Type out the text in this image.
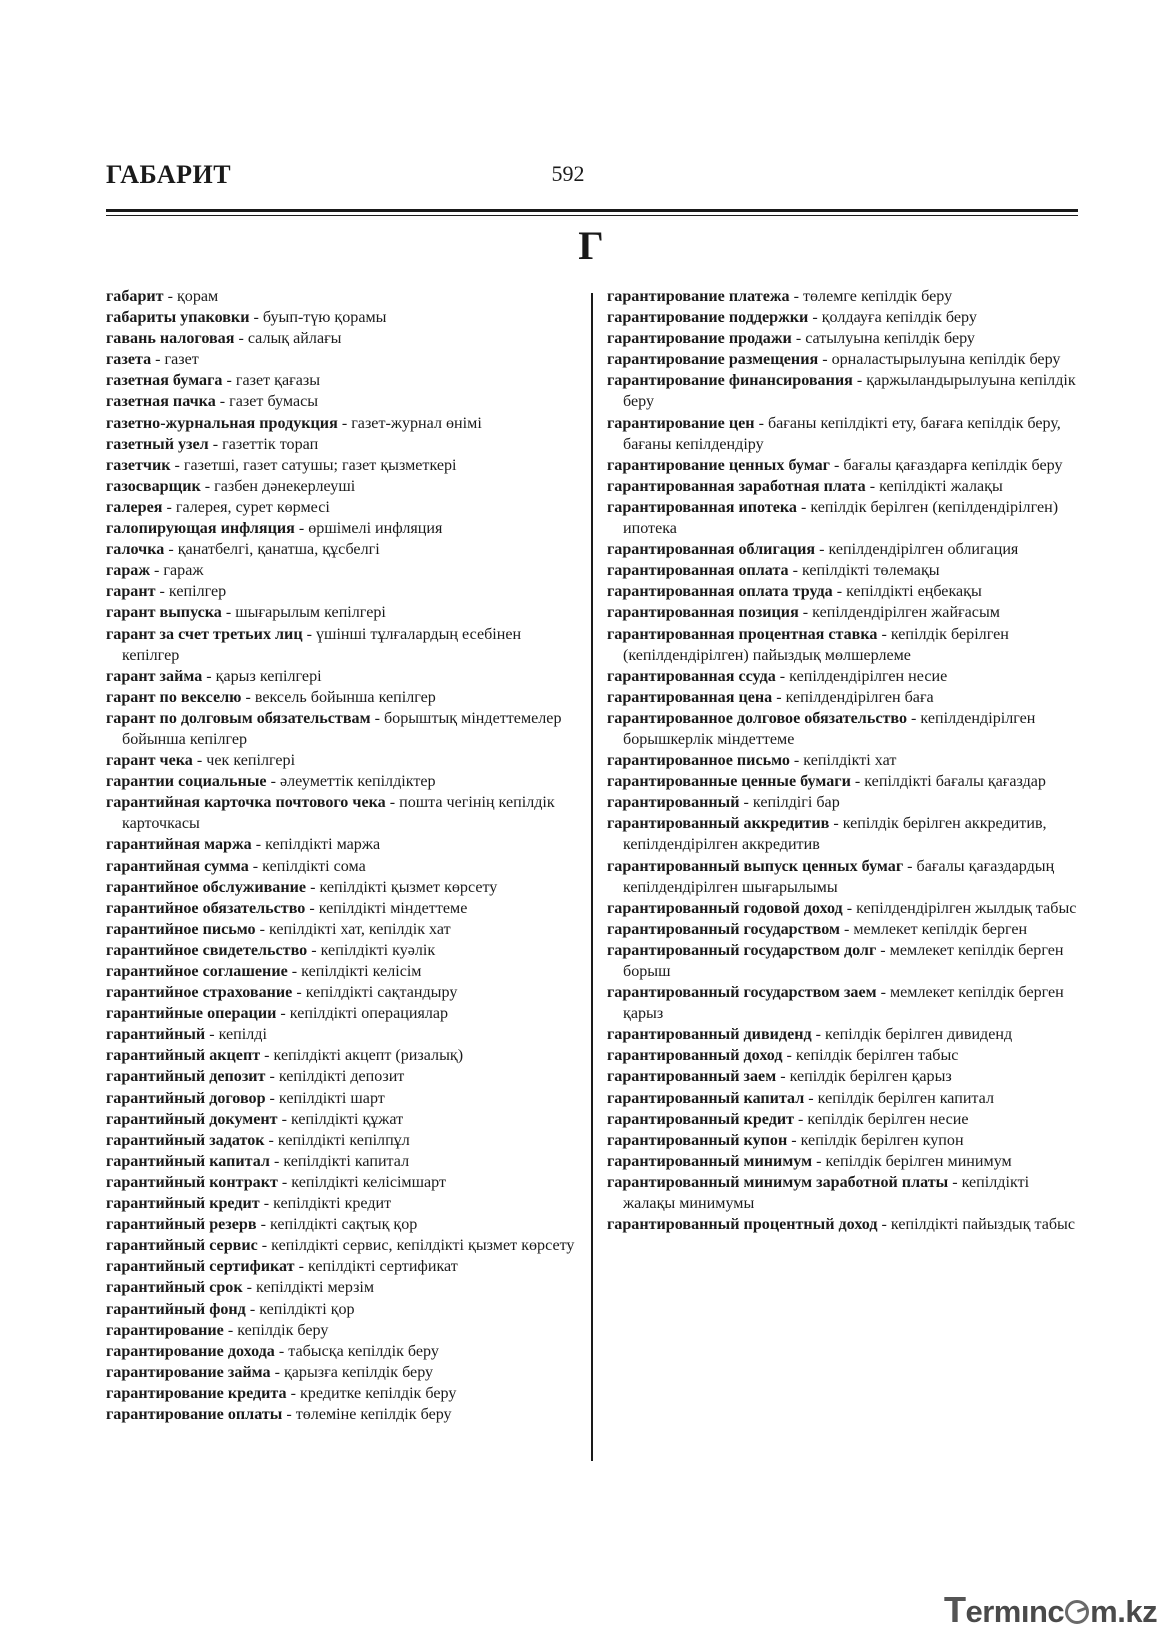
ГАБАРИТ	592
Г
габарит - қорам
габариты упаковки - буып-түю қорамы
гавань налоговая - салық айлағы
газета - газет
газетная бумага - газет қағазы
газетная пачка - газет бумасы
газетно-журнальная продукция - газет-журнал өнімі
газетный узел - газеттік торап
газетчик - газетші, газет сатушы; газет қызметкері
газосварщик - газбен дәнекерлеуші
галерея - галерея, сурет көрмесі
галопирующая инфляция - өршімелі инфляция
галочка - қанатбелгі, қанатша, құсбелгі
гараж - гараж
гарант - кепілгер
гарант выпуска - шығарылым кепілгері
гарант за счет третьих лиц - үшінші тұлғалардың есебінен кепілгер
гарант займа - қарыз кепілгері
гарант по векселю - вексель бойынша кепілгер
гарант по долговым обязательствам - борыштық міндеттемелер бойынша кепілгер
гарант чека - чек кепілгері
гарантии социальные - әлеуметтік кепілдіктер
гарантийная карточка почтового чека - пошта чегінің кепілдік карточкасы
гарантийная маржа - кепілдікті маржа
гарантийная сумма - кепілдікті сома
гарантийное обслуживание - кепілдікті қызмет көрсету
гарантийное обязательство - кепілдікті міндеттеме
гарантийное письмо - кепілдікті хат, кепілдік хат
гарантийное свидетельство - кепілдікті куәлік
гарантийное соглашение - кепілдікті келісім
гарантийное страхование - кепілдікті сақтандыру
гарантийные операции - кепілдікті операциялар
гарантийный - кепілді
гарантийный акцепт - кепілдікті акцепт (ризалық)
гарантийный депозит - кепілдікті депозит
гарантийный договор - кепілдікті шарт
гарантийный документ - кепілдікті құжат
гарантийный задаток - кепілдікті кепілпұл
гарантийный капитал - кепілдікті капитал
гарантийный контракт - кепілдікті келісімшарт
гарантийный кредит - кепілдікті кредит
гарантийный резерв - кепілдікті сақтық қор
гарантийный сервис - кепілдікті сервис, кепілдікті қызмет көрсету
гарантийный сертификат - кепілдікті сертификат
гарантийный срок - кепілдікті мерзім
гарантийный фонд - кепілдікті қор
гарантирование - кепілдік беру
гарантирование дохода - табысқа кепілдік беру
гарантирование займа - қарызға кепілдік беру
гарантирование кредита - кредитке кепілдік беру
гарантирование оплаты - төлеміне кепілдік беру
гарантирование платежа - төлемге кепілдік беру
гарантирование поддержки - қолдауға кепілдік беру
гарантирование продажи - сатылуына кепілдік беру
гарантирование размещения - орналастырылуына кепілдік беру
гарантирование финансирования - қаржыландырылуына кепілдік беру
гарантирование цен - бағаны кепілдікті ету, бағаға кепілдік беру, бағаны кепілдендіру
гарантирование ценных бумаг - бағалы қағаздарға кепілдік беру
гарантированная заработная плата - кепілдікті жалақы
гарантированная ипотека - кепілдік берілген (кепілдендірілген) ипотека
гарантированная облигация - кепілдендірілген облигация
гарантированная оплата - кепілдікті төлемақы
гарантированная оплата труда - кепілдікті еңбекақы
гарантированная позиция - кепілдендірілген жайғасым
гарантированная процентная ставка - кепілдік берілген (кепілдендірілген) пайыздық мөлшерлеме
гарантированная ссуда - кепілдендірілген несие
гарантированная цена - кепілдендірілген баға
гарантированное долговое обязательство - кепілдендірілген борышкерлік міндеттеме
гарантированное письмо - кепілдікті хат
гарантированные ценные бумаги - кепілдікті бағалы қағаздар
гарантированный - кепілдігі бар
гарантированный аккредитив - кепілдік берілген аккредитив, кепілдендірілген аккредитив
гарантированный выпуск ценных бумаг - бағалы қағаздардың кепілдендірілген шығарылымы
гарантированный годовой доход - кепілдендірілген жылдық табыс
гарантированный государством - мемлекет кепілдік берген
гарантированный государством долг - мемлекет кепілдік берген борыш
гарантированный государством заем - мемлекет кепілдік берген қарыз
гарантированный дивиденд - кепілдік берілген дивиденд
гарантированный доход - кепілдік берілген табыс
гарантированный заем - кепілдік берілген қарыз
гарантированный капитал - кепілдік берілген капитал
гарантированный кредит - кепілдік берілген несие
гарантированный купон - кепілдік берілген купон
гарантированный минимум - кепілдік берілген минимум
гарантированный минимум заработной платы - кепілдікті жалақы минимумы
гарантированный процентный доход - кепілдікті пайыздық табыс
Termınc m.kz
